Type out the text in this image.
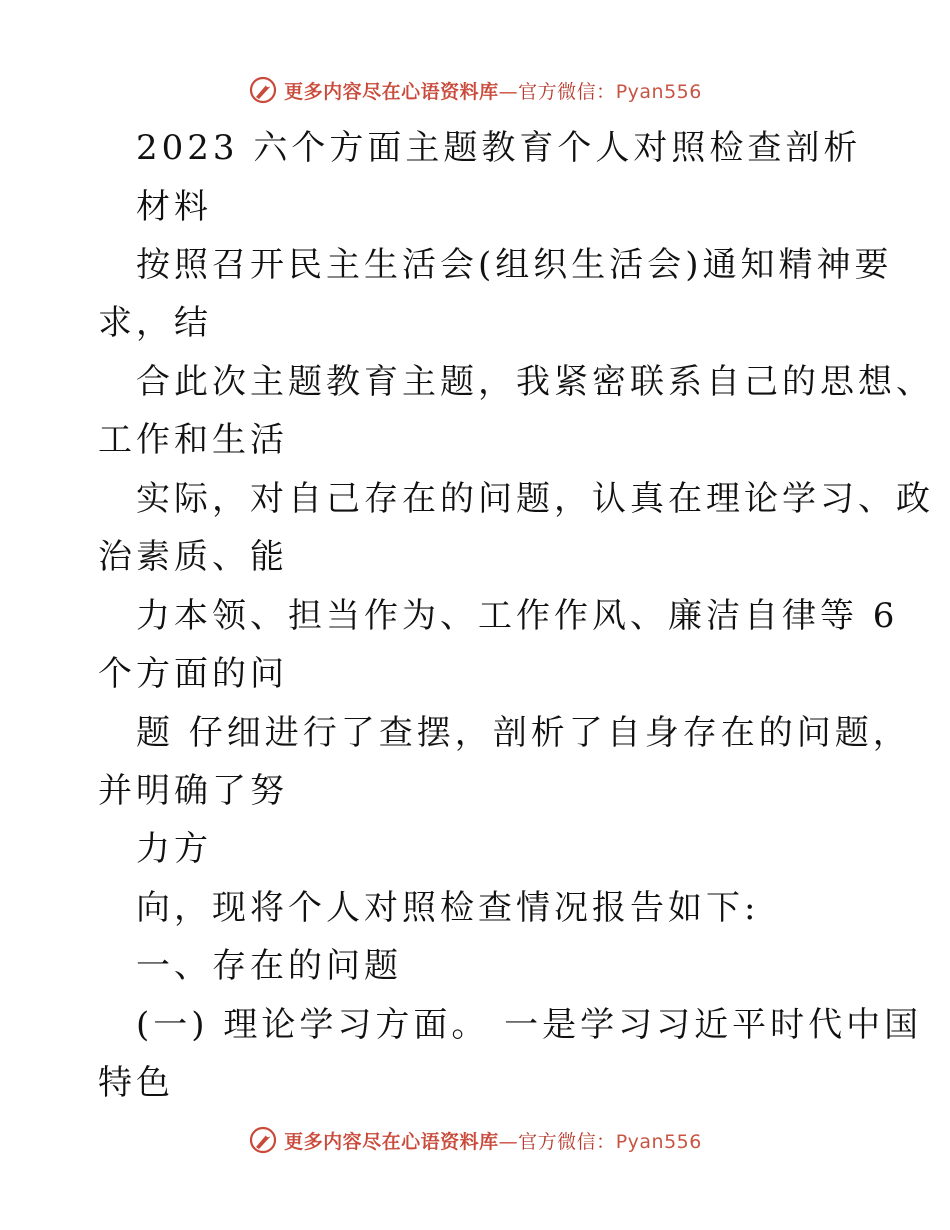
更多内容尽在心语资料库—官方微信：Pyan556
2023 六个方面主题教育个人对照检查剖析
材料
按照召开民主生活会(组织生活会)通知精神要
求，结
合此次主题教育主题，我紧密联系自己的思想、
工作和生活
实际，对自己存在的问题，认真在理论学习、政
治素质、能
力本领、担当作为、工作作风、廉洁自律等 6
个方面的问
题 仔细进行了查摆，剖析了自身存在的问题，
并明确了努
力方
向，现将个人对照检查情况报告如下:
一、存在的问题
(一) 理论学习方面。 一是学习习近平时代中国
特色
更多内容尽在心语资料库—官方微信：Pyan556
